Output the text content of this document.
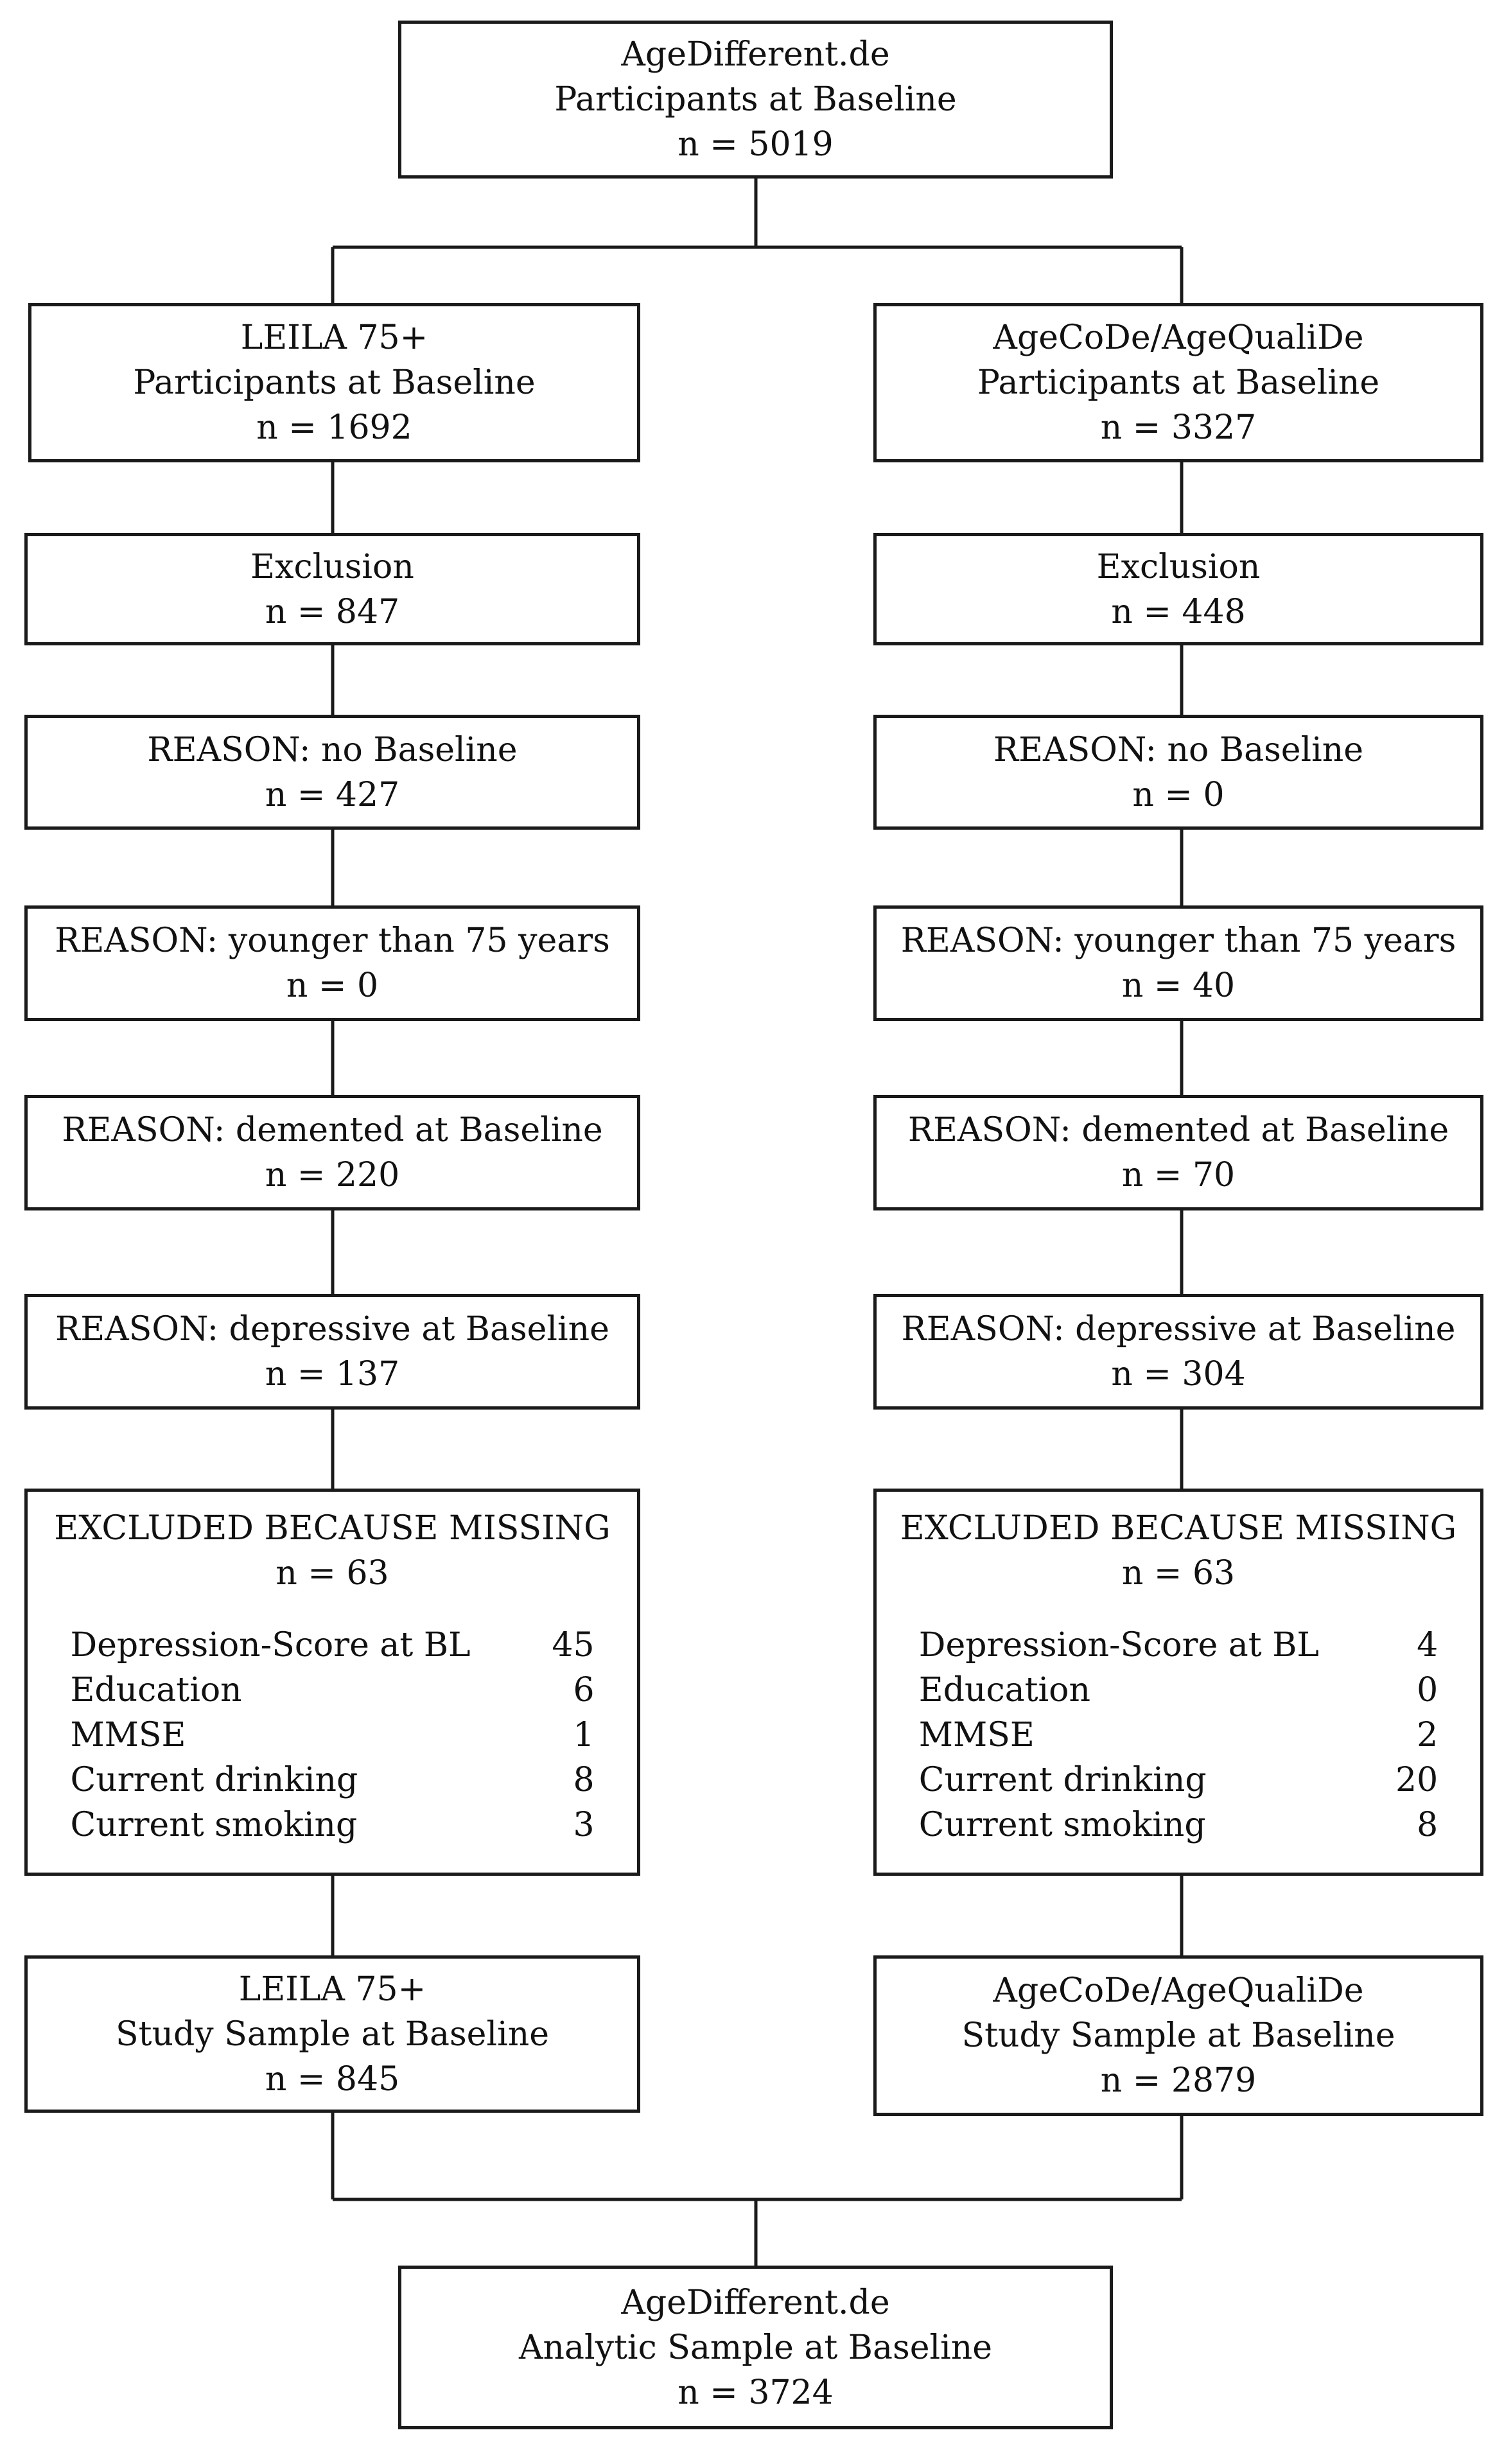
AgeDifferent.de
Participants at Baseline
n = 5019
LEILA 75+
Participants at Baseline
n = 1692
Exclusion
n = 847
REASON: no Baseline
n = 427
REASON: younger than 75 years
n = 0
REASON: demented at Baseline
n = 220
REASON: depressive at Baseline
n = 137
EXCLUDED BECAUSE MISSING
n = 63
Depression-Score at BL 45
Education	6
MMSE	1
Current drinking	8
Current smoking	3
LEILA 75+
Study Sample at Baseline
n = 845
AgeCoDe/AgeQualiDe
Participants at Baseline
n = 3327
Exclusion
n = 448
REASON: no Baseline
n = 0
REASON: younger than 75 years
n = 40
REASON: demented at Baseline
n = 70
REASON: depressive at Baseline
n = 304
EXCLUDED BECAUSE MISSING
n = 63
Depression-Score at BL	4
Education	0
MMSE	2
Current drinking	20
Current smoking	8
AgeCoDe/AgeQualiDe
Study Sample at Baseline
n = 2879
AgeDifferent.de
Analytic Sample at Baseline
n = 3724
